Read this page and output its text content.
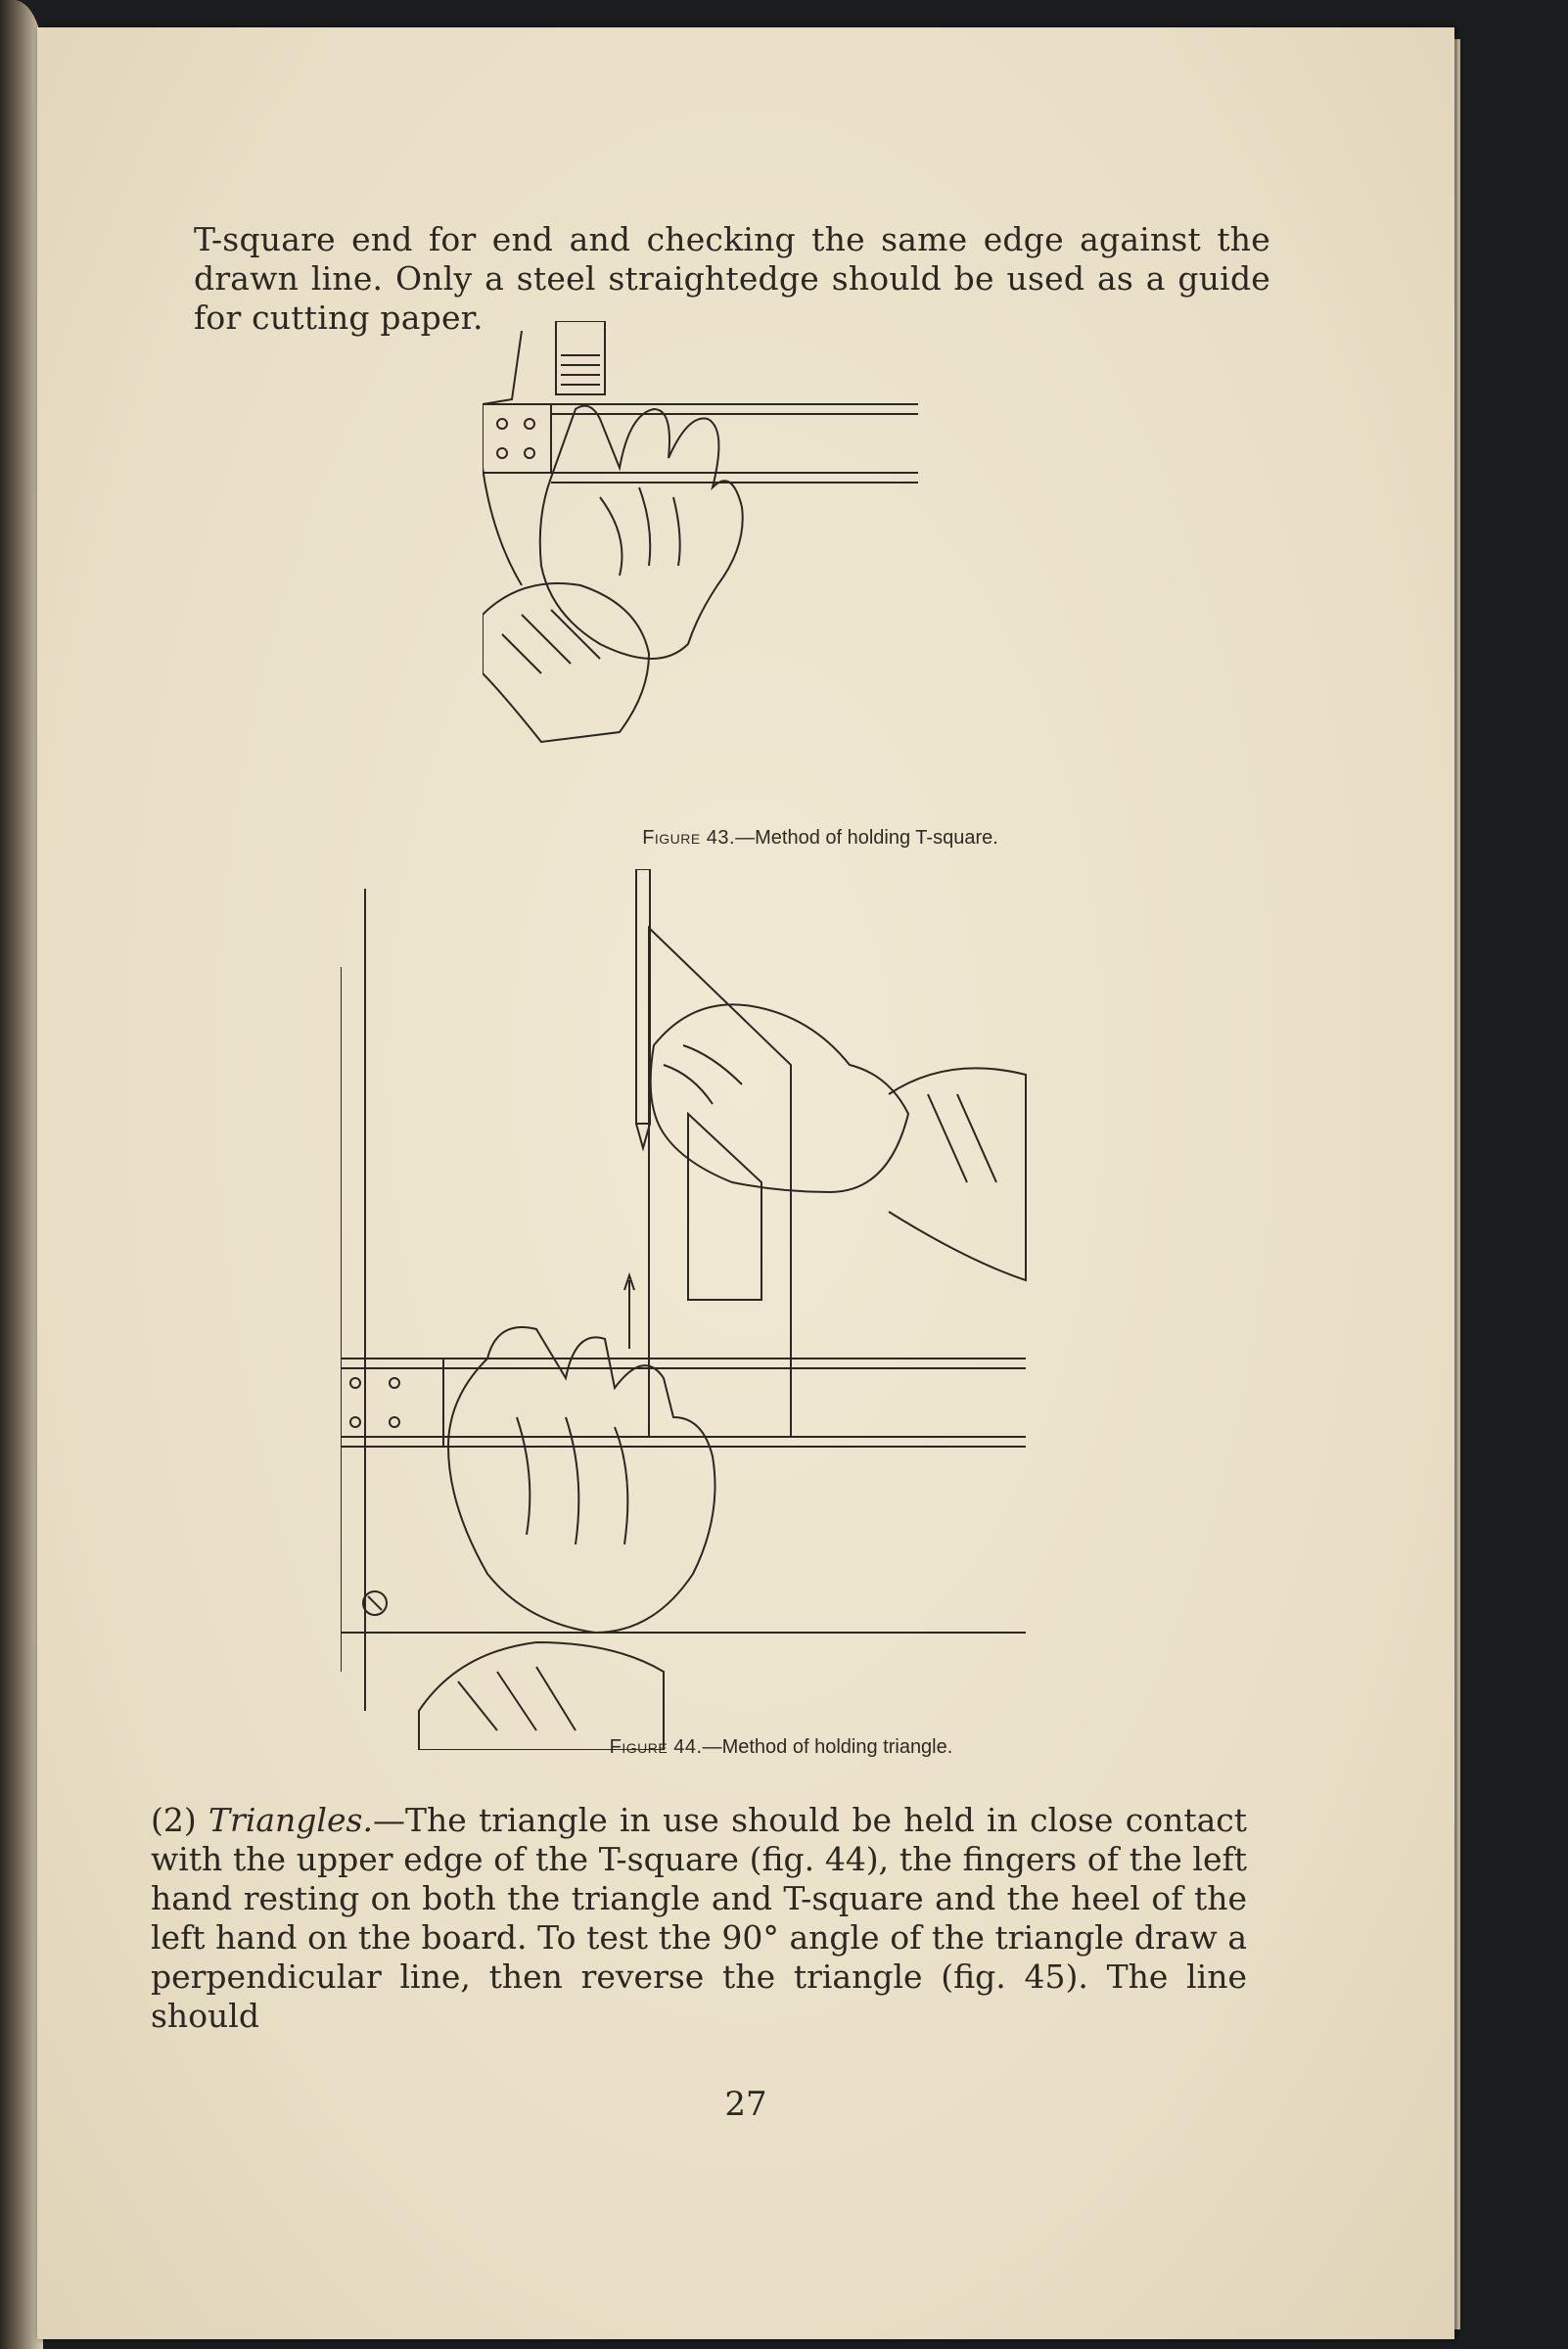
T-square end for end and checking the same edge against the drawn line. Only a steel straightedge should be used as a guide for cutting paper.

Figure 43.—Method of holding T-square.
Figure 44.—Method of holding triangle.

(2) Triangles.—The triangle in use should be held in close contact with the upper edge of the T-square (fig. 44), the fingers of the left hand resting on both the triangle and T-square and the heel of the left hand on the board. To test the 90° angle of the triangle draw a perpendicular line, then reverse the triangle (fig. 45). The line should

27
